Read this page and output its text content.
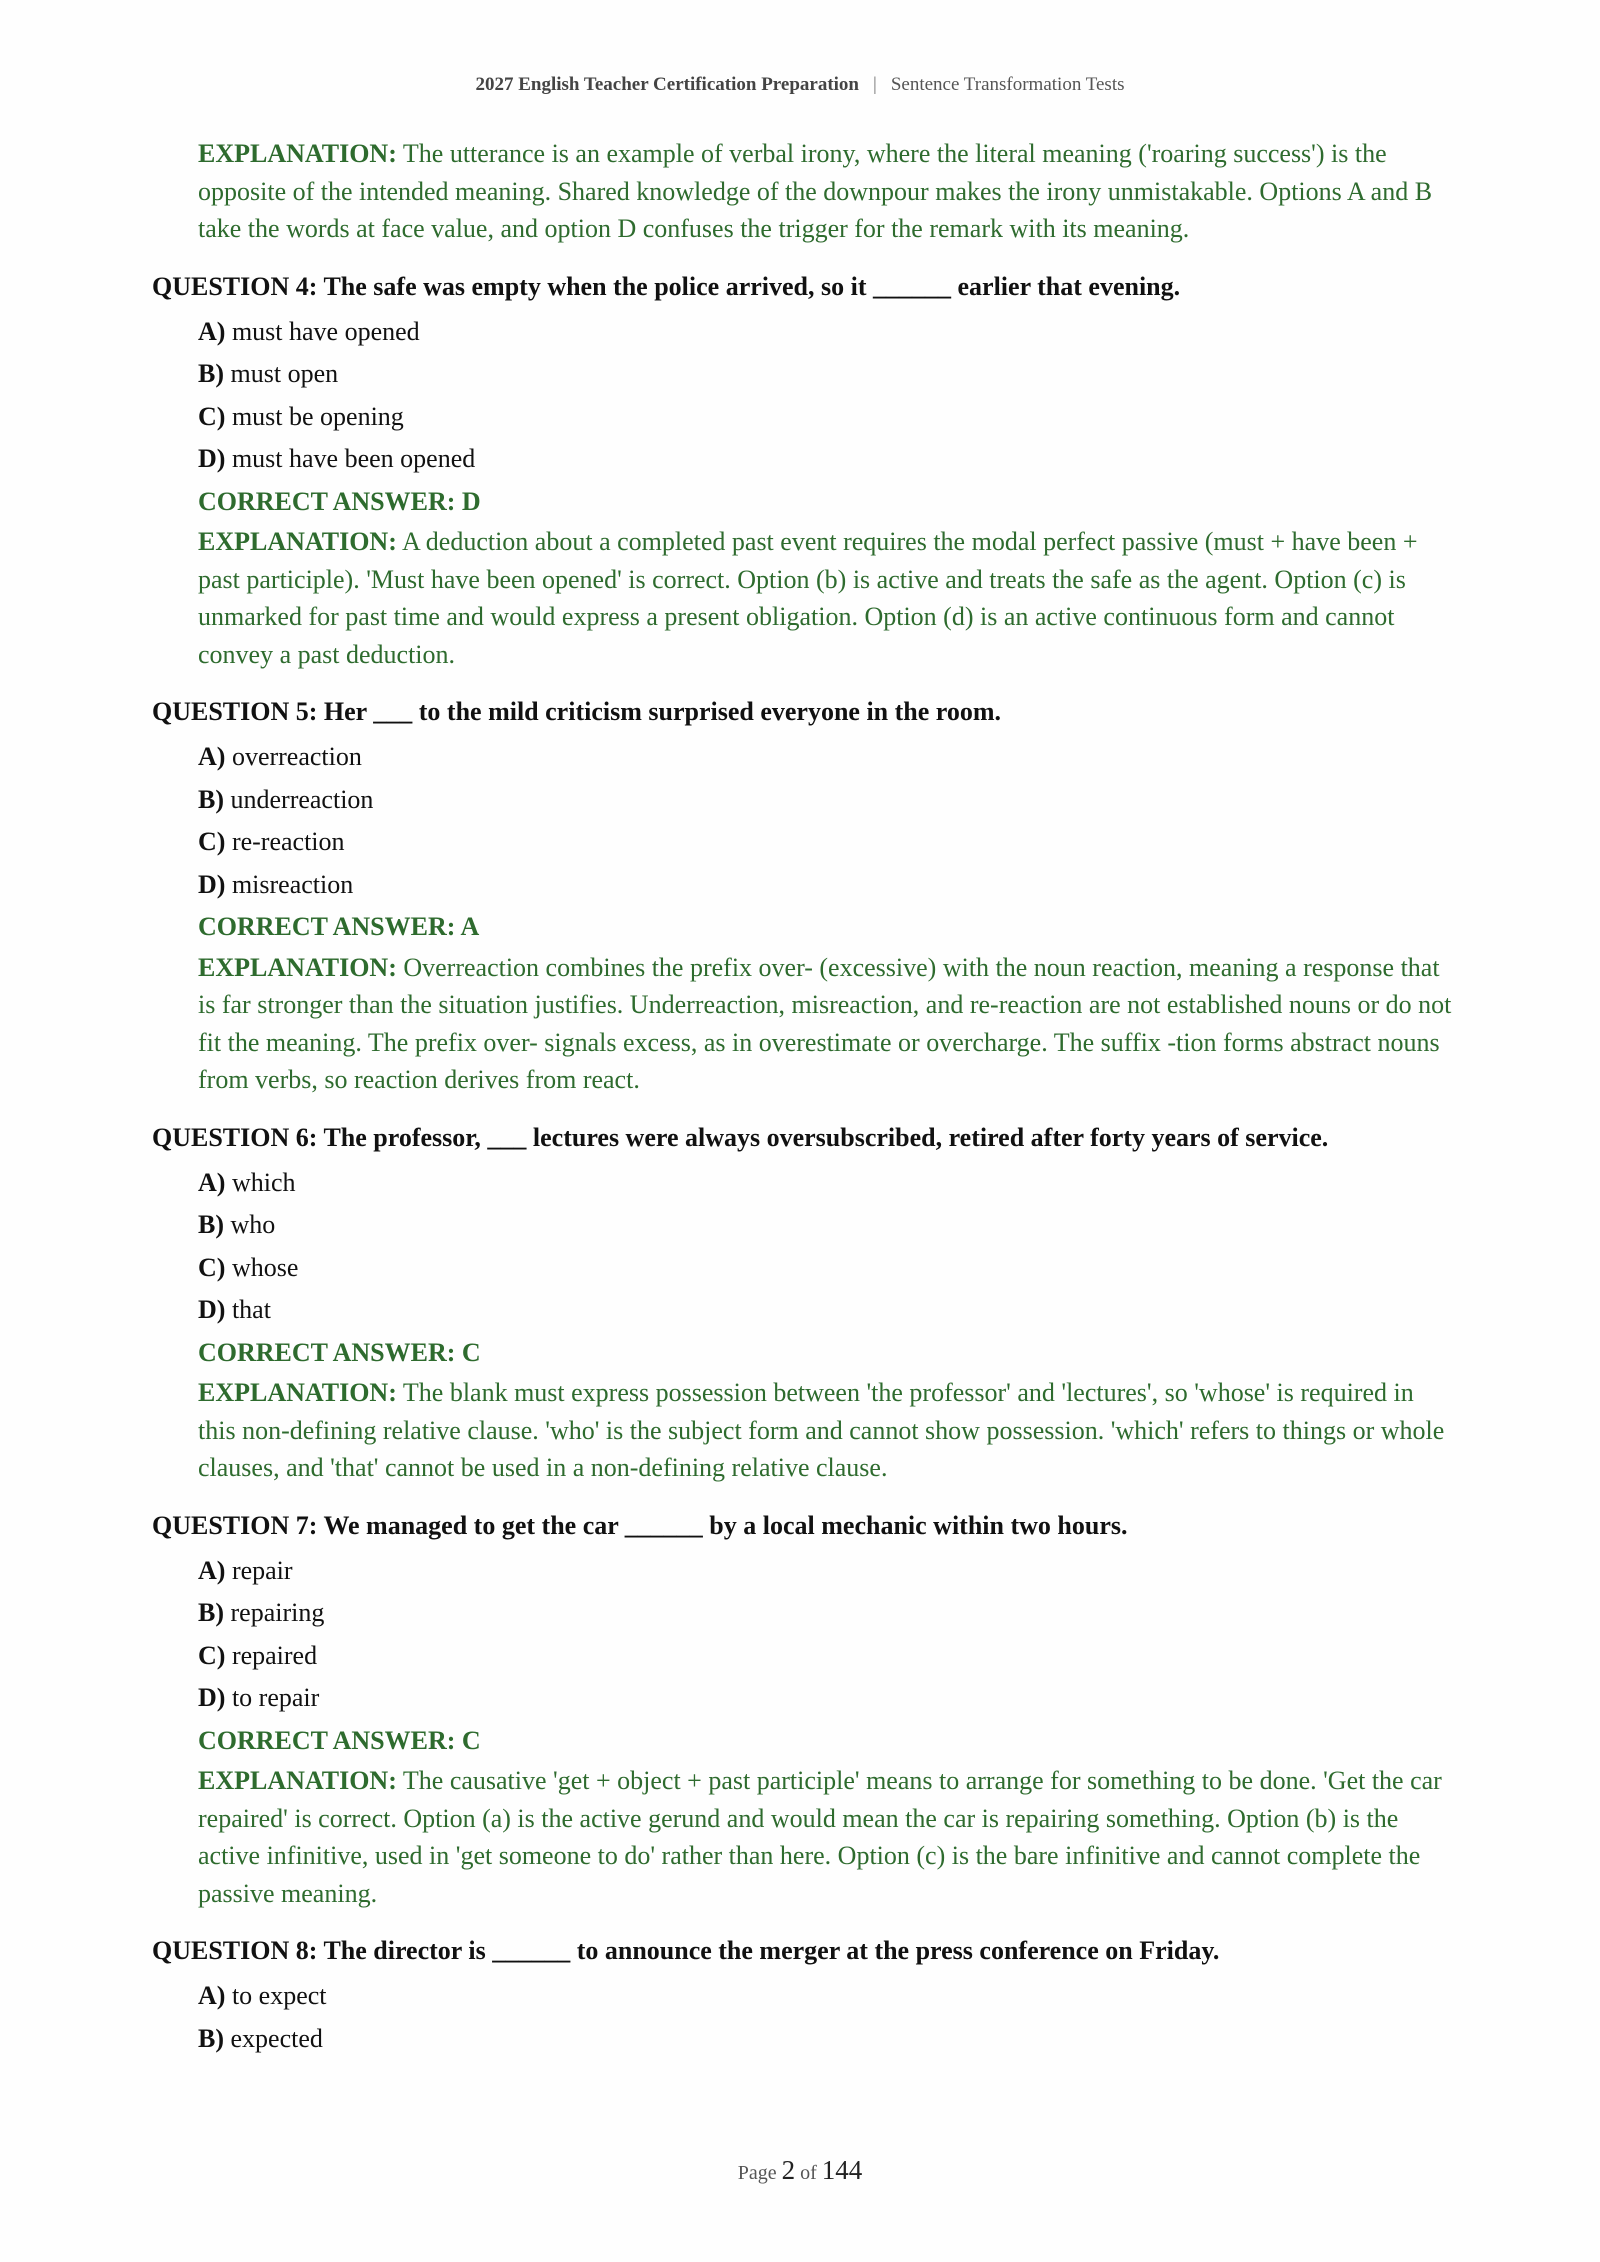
2027 English Teacher Certification Preparation | Sentence Transformation Tests
EXPLANATION: The utterance is an example of verbal irony, where the literal meaning ('roaring success') is the opposite of the intended meaning. Shared knowledge of the downpour makes the irony unmistakable. Options A and B take the words at face value, and option D confuses the trigger for the remark with its meaning.
QUESTION 4: The safe was empty when the police arrived, so it ______ earlier that evening.
A) must have opened
B) must open
C) must be opening
D) must have been opened
CORRECT ANSWER: D
EXPLANATION: A deduction about a completed past event requires the modal perfect passive (must + have been + past participle). 'Must have been opened' is correct. Option (b) is active and treats the safe as the agent. Option (c) is unmarked for past time and would express a present obligation. Option (d) is an active continuous form and cannot convey a past deduction.
QUESTION 5: Her ___ to the mild criticism surprised everyone in the room.
A) overreaction
B) underreaction
C) re-reaction
D) misreaction
CORRECT ANSWER: A
EXPLANATION: Overreaction combines the prefix over- (excessive) with the noun reaction, meaning a response that is far stronger than the situation justifies. Underreaction, misreaction, and re-reaction are not established nouns or do not fit the meaning. The prefix over- signals excess, as in overestimate or overcharge. The suffix -tion forms abstract nouns from verbs, so reaction derives from react.
QUESTION 6: The professor, ___ lectures were always oversubscribed, retired after forty years of service.
A) which
B) who
C) whose
D) that
CORRECT ANSWER: C
EXPLANATION: The blank must express possession between 'the professor' and 'lectures', so 'whose' is required in this non-defining relative clause. 'who' is the subject form and cannot show possession. 'which' refers to things or whole clauses, and 'that' cannot be used in a non-defining relative clause.
QUESTION 7: We managed to get the car ______ by a local mechanic within two hours.
A) repair
B) repairing
C) repaired
D) to repair
CORRECT ANSWER: C
EXPLANATION: The causative 'get + object + past participle' means to arrange for something to be done. 'Get the car repaired' is correct. Option (a) is the active gerund and would mean the car is repairing something. Option (b) is the active infinitive, used in 'get someone to do' rather than here. Option (c) is the bare infinitive and cannot complete the passive meaning.
QUESTION 8: The director is ______ to announce the merger at the press conference on Friday.
A) to expect
B) expected
Page 2 of 144
